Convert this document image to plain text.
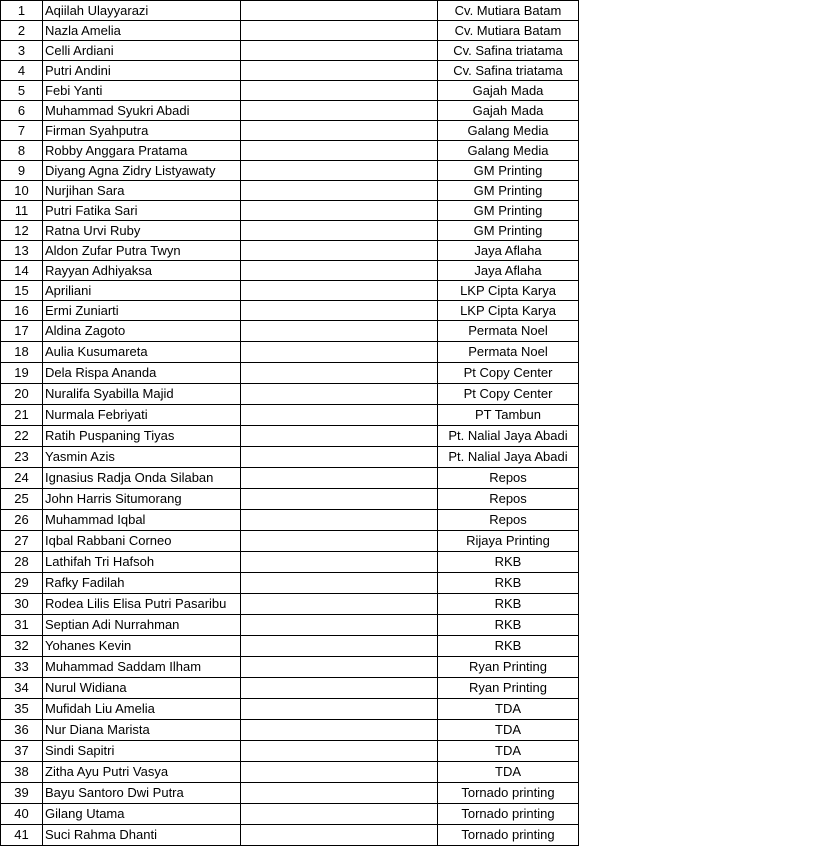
1	Aqiilah Ulayyarazi		Cv. Mutiara Batam
2	Nazla Amelia		Cv. Mutiara Batam
3	Celli Ardiani		Cv. Safina triatama
4	Putri Andini		Cv. Safina triatama
5	Febi Yanti		Gajah Mada
6	Muhammad Syukri Abadi		Gajah Mada
7	Firman Syahputra		Galang Media
8	Robby Anggara Pratama		Galang Media
9	Diyang Agna Zidry Listyawaty		GM Printing
10	Nurjihan Sara		GM Printing
11	Putri Fatika Sari		GM Printing
12	Ratna Urvi Ruby		GM Printing
13	Aldon Zufar Putra Twyn		Jaya Aflaha
14	Rayyan Adhiyaksa		Jaya Aflaha
15	Apriliani		LKP Cipta Karya
16	Ermi Zuniarti		LKP Cipta Karya
17	Aldina Zagoto		Permata Noel
18	Aulia Kusumareta		Permata Noel
19	Dela Rispa Ananda		Pt Copy Center
20	Nuralifa Syabilla Majid		Pt Copy Center
21	Nurmala Febriyati		PT Tambun
22	Ratih Puspaning Tiyas		Pt. Nalial Jaya Abadi
23	Yasmin Azis		Pt. Nalial Jaya Abadi
24	Ignasius Radja Onda Silaban		Repos
25	John Harris Situmorang		Repos
26	Muhammad Iqbal		Repos
27	Iqbal Rabbani Corneo		Rijaya Printing
28	Lathifah Tri Hafsoh		RKB
29	Rafky Fadilah		RKB
30	Rodea Lilis Elisa Putri Pasaribu		RKB
31	Septian Adi Nurrahman		RKB
32	Yohanes Kevin		RKB
33	Muhammad Saddam Ilham		Ryan Printing
34	Nurul Widiana		Ryan Printing
35	Mufidah Liu Amelia		TDA
36	Nur Diana Marista		TDA
37	Sindi Sapitri		TDA
38	Zitha Ayu Putri Vasya		TDA
39	Bayu Santoro Dwi Putra		Tornado printing
40	Gilang Utama		Tornado printing
41	Suci Rahma Dhanti		Tornado printing
